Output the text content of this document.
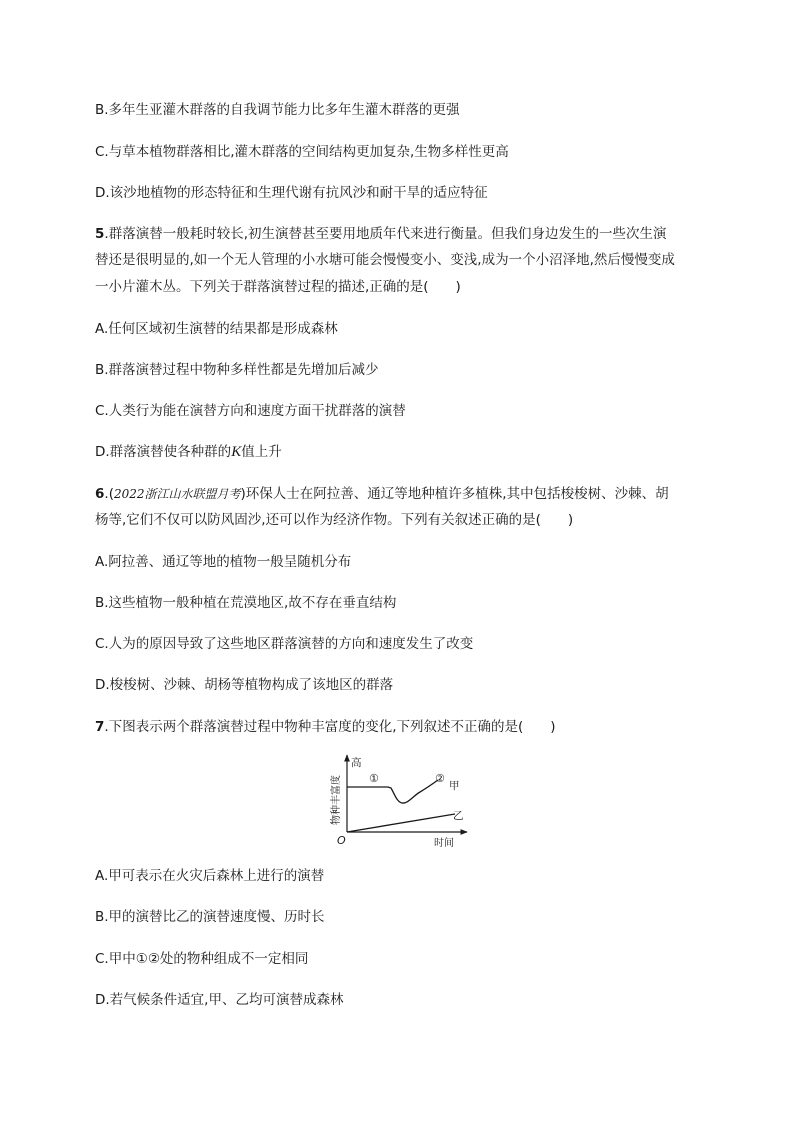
B.多年生亚灌木群落的自我调节能力比多年生灌木群落的更强
C.与草本植物群落相比,灌木群落的空间结构更加复杂,生物多样性更高
D.该沙地植物的形态特征和生理代谢有抗风沙和耐干旱的适应特征
5.群落演替一般耗时较长,初生演替甚至要用地质年代来进行衡量。但我们身边发生的一些次生演
替还是很明显的,如一个无人管理的小水塘可能会慢慢变小、变浅,成为一个小沼泽地,然后慢慢变成
一小片灌木丛。下列关于群落演替过程的描述,正确的是(　　)
A.任何区域初生演替的结果都是形成森林
B.群落演替过程中物种多样性都是先增加后减少
C.人类行为能在演替方向和速度方面干扰群落的演替
D.群落演替使各种群的K值上升
6.(2022浙江山水联盟月考)环保人士在阿拉善、通辽等地种植许多植株,其中包括梭梭树、沙棘、胡
杨等,它们不仅可以防风固沙,还可以作为经济作物。下列有关叙述正确的是(　　)
A.阿拉善、通辽等地的植物一般呈随机分布
B.这些植物一般种植在荒漠地区,故不存在垂直结构
C.人为的原因导致了这些地区群落演替的方向和速度发生了改变
D.梭梭树、沙棘、胡杨等植物构成了该地区的群落
7.下图表示两个群落演替过程中物种丰富度的变化,下列叙述不正确的是(　　)
高
物种丰富度
O	时间
①	②
甲
乙
A.甲可表示在火灾后森林上进行的演替
B.甲的演替比乙的演替速度慢、历时长
C.甲中①②处的物种组成不一定相同
D.若气候条件适宜,甲、乙均可演替成森林
